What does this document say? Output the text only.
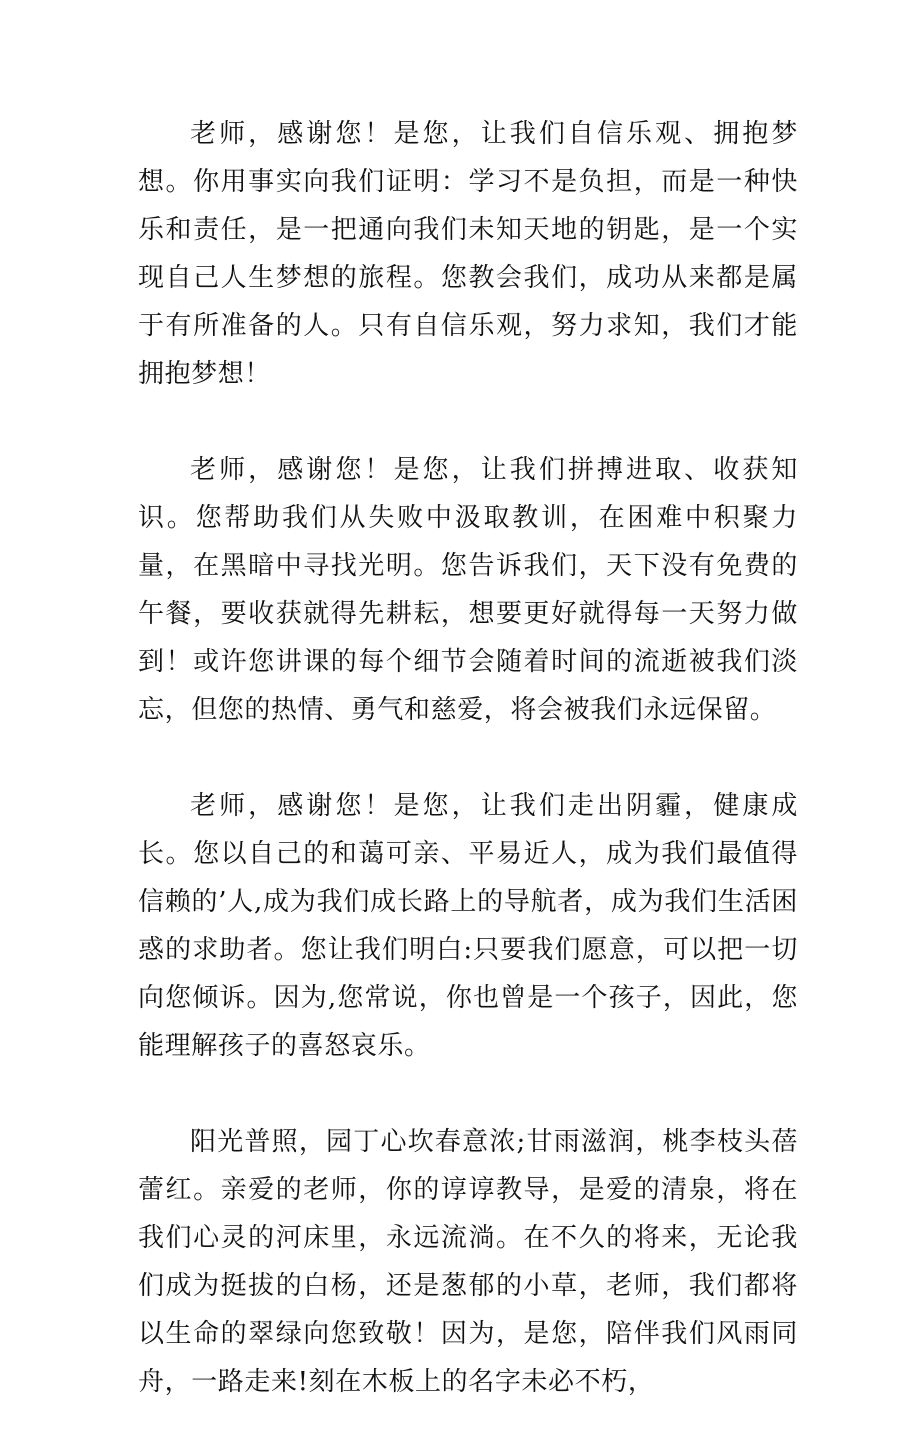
老师，感谢您！是您，让我们自信乐观、拥抱梦想。你用事实向我们证明：学习不是负担，而是一种快乐和责任，是一把通向我们未知天地的钥匙，是一个实现自己人生梦想的旅程。您教会我们，成功从来都是属于有所准备的人。只有自信乐观，努力求知，我们才能拥抱梦想！

老师，感谢您！是您，让我们拼搏进取、收获知识。您帮助我们从失败中汲取教训，在困难中积聚力量，在黑暗中寻找光明。您告诉我们，天下没有免费的午餐，要收获就得先耕耘，想要更好就得每一天努力做到！或许您讲课的每个细节会随着时间的流逝被我们淡忘，但您的热情、勇气和慈爱，将会被我们永远保留。

老师，感谢您！是您，让我们走出阴霾，健康成长。您以自己的和蔼可亲、平易近人，成为我们最值得信赖的’人,成为我们成长路上的导航者，成为我们生活困惑的求助者。您让我们明白:只要我们愿意，可以把一切向您倾诉。因为,您常说，你也曾是一个孩子，因此，您能理解孩子的喜怒哀乐。

阳光普照，园丁心坎春意浓;甘雨滋润，桃李枝头蓓蕾红。亲爱的老师，你的谆谆教导，是爱的清泉，将在我们心灵的河床里，永远流淌。在不久的将来，无论我们成为挺拔的白杨，还是葱郁的小草，老师，我们都将以生命的翠绿向您致敬！因为，是您，陪伴我们风雨同舟，一路走来!刻在木板上的名字未必不朽，
